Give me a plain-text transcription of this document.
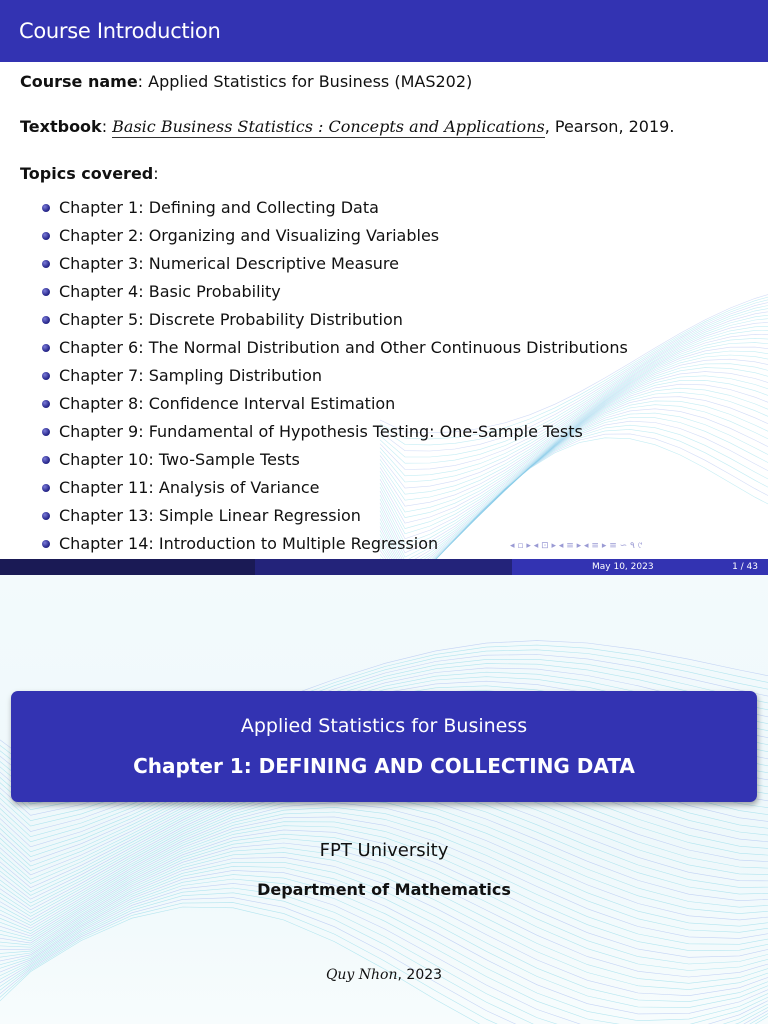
Course Introduction
Course name: Applied Statistics for Business (MAS202)
Textbook: Basic Business Statistics : Concepts and Applications, Pearson, 2019.
Topics covered:
Chapter 1: Defining and Collecting Data
Chapter 2: Organizing and Visualizing Variables
Chapter 3: Numerical Descriptive Measure
Chapter 4: Basic Probability
Chapter 5: Discrete Probability Distribution
Chapter 6: The Normal Distribution and Other Continuous Distributions
Chapter 7: Sampling Distribution
Chapter 8: Confidence Interval Estimation
Chapter 9: Fundamental of Hypothesis Testing: One-Sample Tests
Chapter 10: Two-Sample Tests
Chapter 11: Analysis of Variance
Chapter 13: Simple Linear Regression
Chapter 14: Introduction to Multiple Regression	◂ ▫ ▸ ◂ ⊡ ▸ ◂ ≡ ▸ ◂ ≡ ▸ ≡ ∽ ۹ ୯
May 10, 2023	1 / 43
Applied Statistics for Business
Chapter 1: DEFINING AND COLLECTING DATA
FPT University
Department of Mathematics
Quy Nhon, 2023
